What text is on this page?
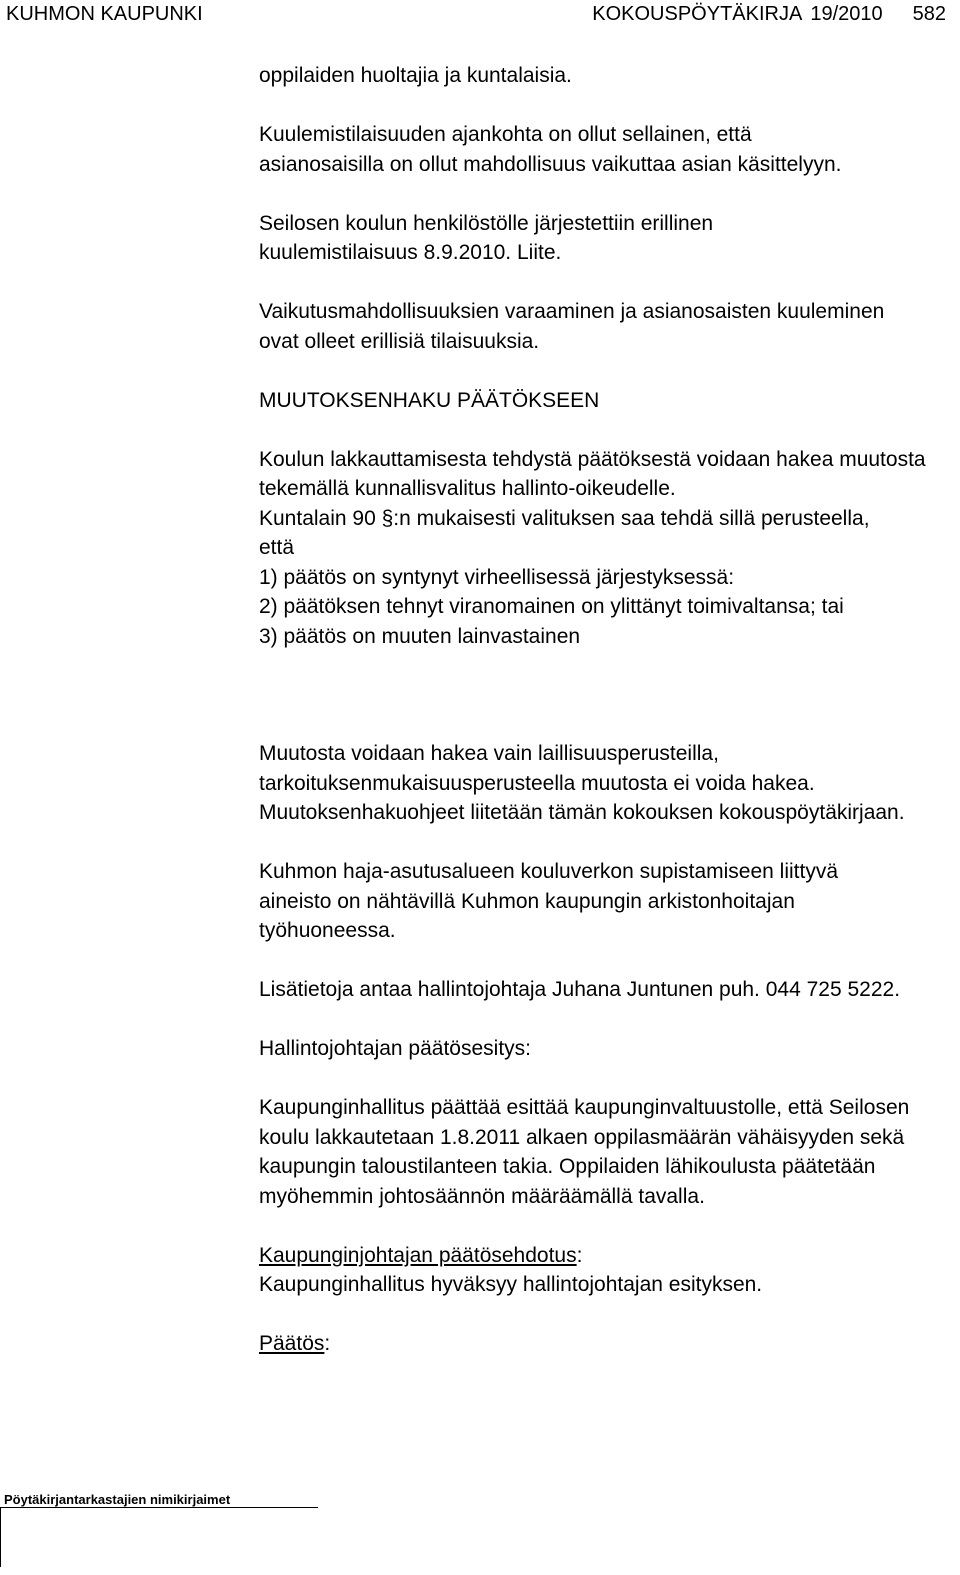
KUHMON KAUPUNKI	KOKOUSPÖYTÄKIRJA 19/2010 582

oppilaiden huoltajia ja kuntalaisia.

Kuulemistilaisuuden ajankohta on ollut sellainen, että asianosaisilla on ollut mahdollisuus vaikuttaa asian käsittelyyn.

Seilosen koulun henkilöstölle järjestettiin erillinen kuulemistilaisuus 8.9.2010. Liite.

Vaikutusmahdollisuuksien varaaminen ja asianosaisten kuuleminen ovat olleet erillisiä tilaisuuksia.

MUUTOKSENHAKU PÄÄTÖKSEEN

Koulun lakkauttamisesta tehdystä päätöksestä voidaan hakea muutosta tekemällä kunnallisvalitus hallinto-oikeudelle.

Kuntalain 90 §:n mukaisesti valituksen saa tehdä sillä perusteella, että

1) päätös on syntynyt virheellisessä järjestyksessä:

2) päätöksen tehnyt viranomainen on ylittänyt toimivaltansa; tai

3) päätös on muuten lainvastainen

Muutosta voidaan hakea vain laillisuusperusteilla, tarkoituksenmukaisuusperusteella muutosta ei voida hakea. Muutoksenhakuohjeet liitetään tämän kokouksen kokouspöytäkirjaan.

Kuhmon haja-asutusalueen kouluverkon supistamiseen liittyvä aineisto on nähtävillä Kuhmon kaupungin arkistonhoitajan työhuoneessa.

Lisätietoja antaa hallintojohtaja Juhana Juntunen puh. 044 725 5222.

Hallintojohtajan päätösesitys:

Kaupunginhallitus päättää esittää kaupunginvaltuustolle, että Seilosen koulu lakkautetaan 1.8.2011 alkaen oppilasmäärän vähäisyyden sekä kaupungin taloustilanteen takia. Oppilaiden lähikoulusta päätetään myöhemmin johtosäännön määräämällä tavalla.

Kaupunginjohtajan päätösehdotus:

Kaupunginhallitus hyväksyy hallintojohtajan esityksen.

Päätös:

Pöytäkirjantarkastajien nimikirjaimet
